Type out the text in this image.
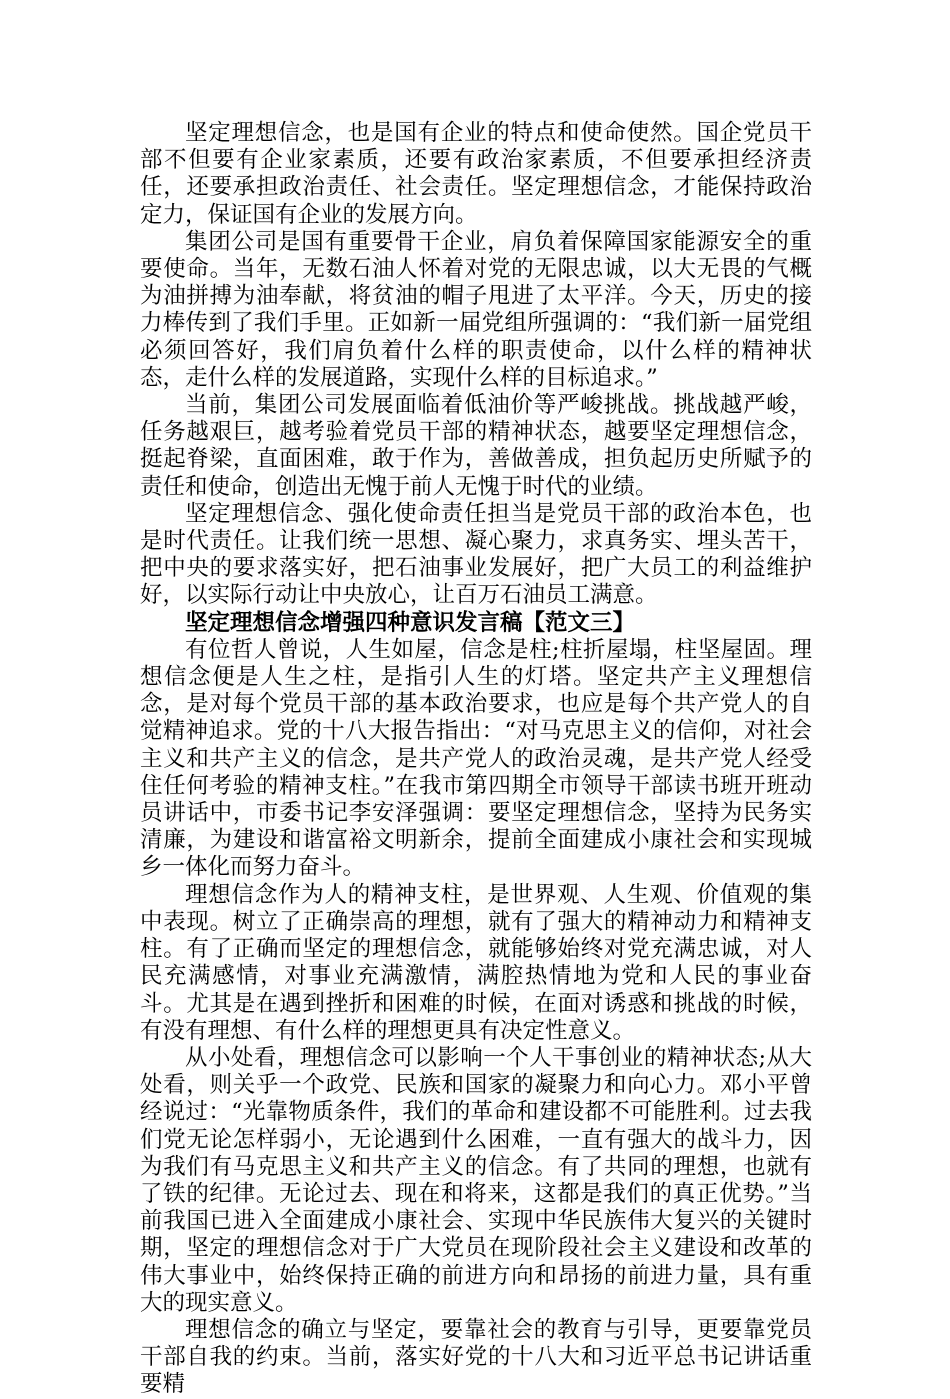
坚定理想信念，也是国有企业的特点和使命使然。国企党员干部不但要有企业家素质，还要有政治家素质，不但要承担经济责任，还要承担政治责任、社会责任。坚定理想信念，才能保持政治定力，保证国有企业的发展方向。

集团公司是国有重要骨干企业，肩负着保障国家能源安全的重要使命。当年，无数石油人怀着对党的无限忠诚，以大无畏的气概为油拼搏为油奉献，将贫油的帽子甩进了太平洋。今天，历史的接力棒传到了我们手里。正如新一届党组所强调的：“我们新一届党组必须回答好，我们肩负着什么样的职责使命，以什么样的精神状态，走什么样的发展道路，实现什么样的目标追求。”

当前，集团公司发展面临着低油价等严峻挑战。挑战越严峻，任务越艰巨，越考验着党员干部的精神状态，越要坚定理想信念，挺起脊梁，直面困难，敢于作为，善做善成，担负起历史所赋予的责任和使命，创造出无愧于前人无愧于时代的业绩。

坚定理想信念、强化使命责任担当是党员干部的政治本色，也是时代责任。让我们统一思想、凝心聚力，求真务实、埋头苦干，把中央的要求落实好，把石油事业发展好，把广大员工的利益维护好，以实际行动让中央放心，让百万石油员工满意。

坚定理想信念增强四种意识发言稿【范文三】

有位哲人曾说，人生如屋，信念是柱;柱折屋塌，柱坚屋固。理想信念便是人生之柱，是指引人生的灯塔。坚定共产主义理想信念，是对每个党员干部的基本政治要求，也应是每个共产党人的自觉精神追求。党的十八大报告指出：“对马克思主义的信仰，对社会主义和共产主义的信念，是共产党人的政治灵魂，是共产党人经受住任何考验的精神支柱。”在我市第四期全市领导干部读书班开班动员讲话中，市委书记李安泽强调：要坚定理想信念，坚持为民务实清廉，为建设和谐富裕文明新余，提前全面建成小康社会和实现城乡一体化而努力奋斗。

理想信念作为人的精神支柱，是世界观、人生观、价值观的集中表现。树立了正确崇高的理想，就有了强大的精神动力和精神支柱。有了正确而坚定的理想信念，就能够始终对党充满忠诚，对人民充满感情，对事业充满激情，满腔热情地为党和人民的事业奋斗。尤其是在遇到挫折和困难的时候，在面对诱惑和挑战的时候，有没有理想、有什么样的理想更具有决定性意义。

从小处看，理想信念可以影响一个人干事创业的精神状态;从大处看，则关乎一个政党、民族和国家的凝聚力和向心力。邓小平曾经说过：“光靠物质条件，我们的革命和建设都不可能胜利。过去我们党无论怎样弱小，无论遇到什么困难，一直有强大的战斗力，因为我们有马克思主义和共产主义的信念。有了共同的理想，也就有了铁的纪律。无论过去、现在和将来，这都是我们的真正优势。”当前我国已进入全面建成小康社会、实现中华民族伟大复兴的关键时期，坚定的理想信念对于广大党员在现阶段社会主义建设和改革的伟大事业中，始终保持正确的前进方向和昂扬的前进力量，具有重大的现实意义。

理想信念的确立与坚定，要靠社会的教育与引导，更要靠党员干部自我的约束。当前，落实好党的十八大和习近平总书记讲话重要精
